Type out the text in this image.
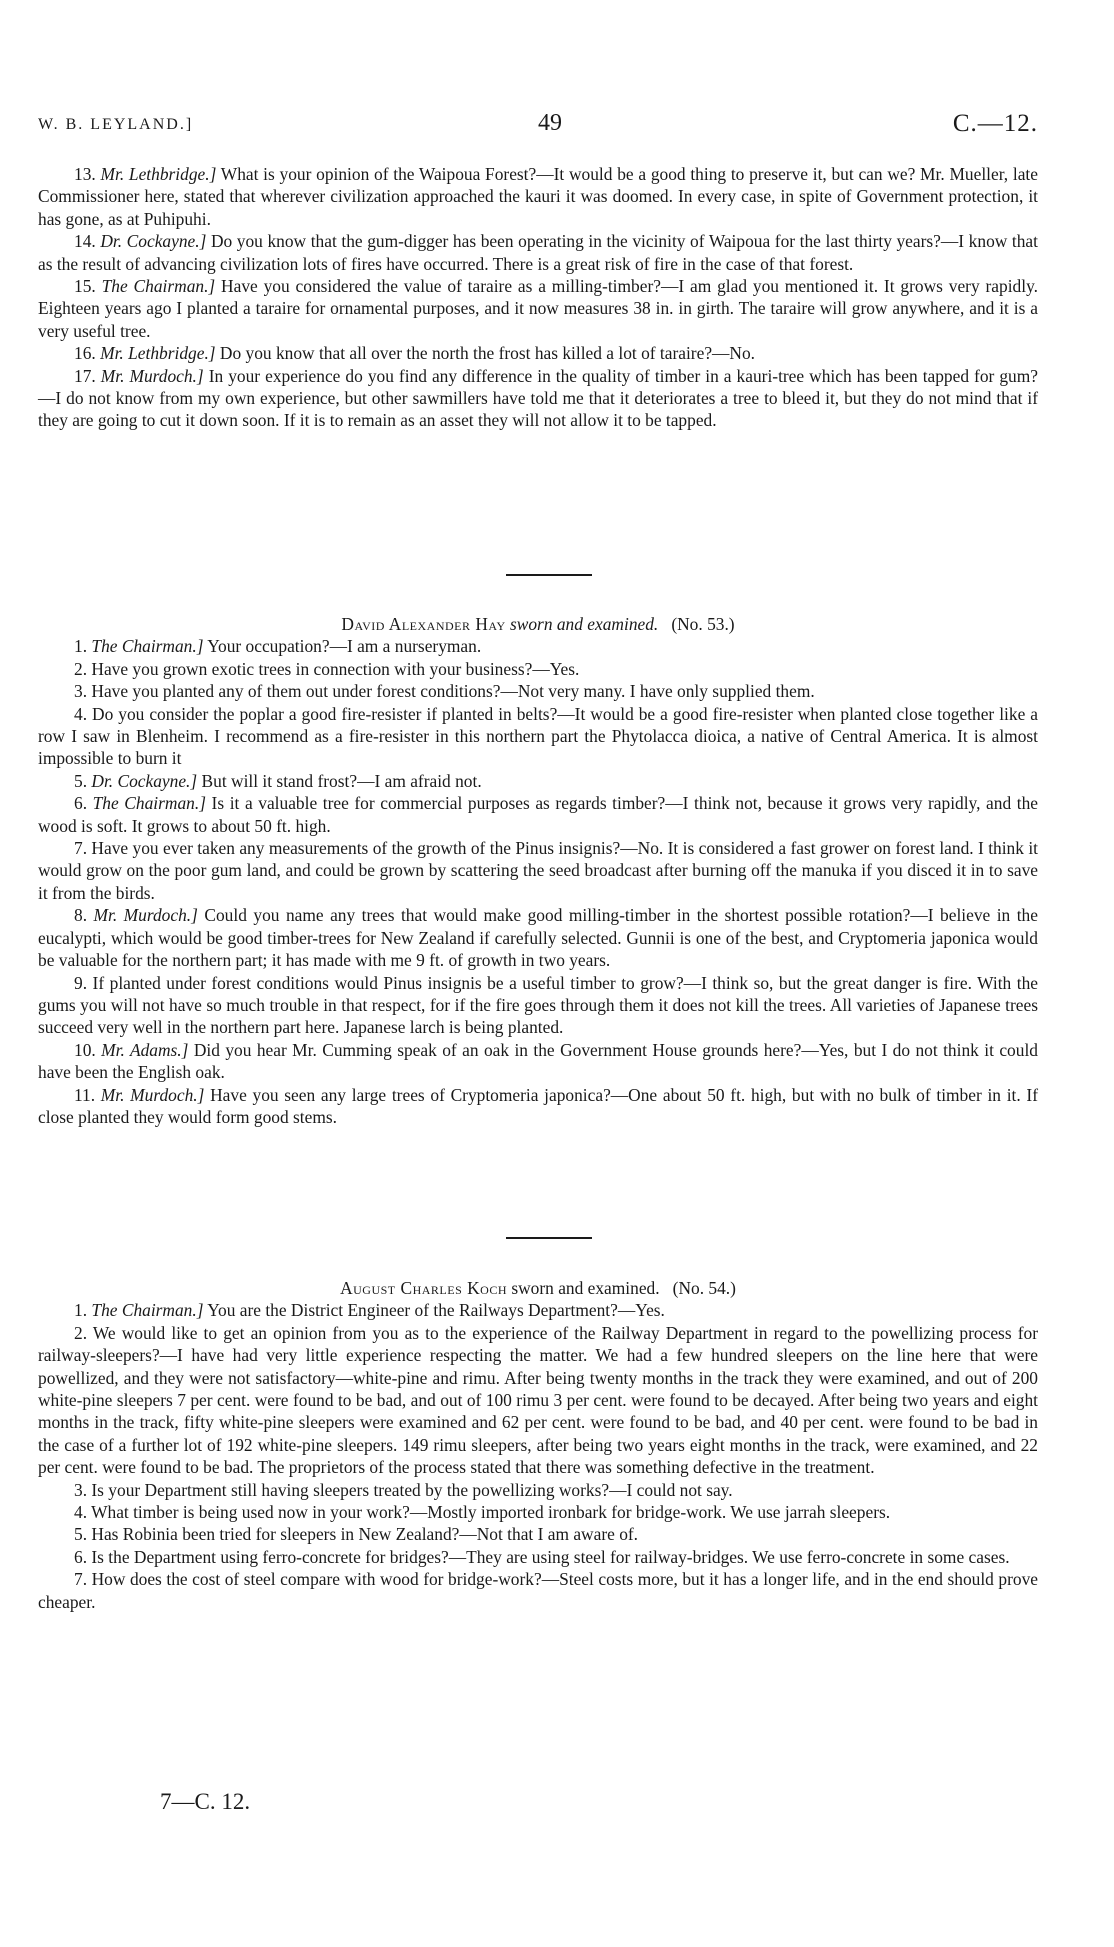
W. B. LEYLAND.]	49	C.—12.

13. Mr. Lethbridge.] What is your opinion of the Waipoua Forest?—It would be a good thing to preserve it, but can we? Mr. Mueller, late Commissioner here, stated that wherever civilization approached the kauri it was doomed. In every case, in spite of Government protection, it has gone, as at Puhipuhi.

14. Dr. Cockayne.] Do you know that the gum-digger has been operating in the vicinity of Waipoua for the last thirty years?—I know that as the result of advancing civilization lots of fires have occurred. There is a great risk of fire in the case of that forest.

15. The Chairman.] Have you considered the value of taraire as a milling-timber?—I am glad you mentioned it. It grows very rapidly. Eighteen years ago I planted a taraire for ornamental purposes, and it now measures 38 in. in girth. The taraire will grow anywhere, and it is a very useful tree.

16. Mr. Lethbridge.] Do you know that all over the north the frost has killed a lot of taraire?—No.

17. Mr. Murdoch.] In your experience do you find any difference in the quality of timber in a kauri-tree which has been tapped for gum?—I do not know from my own experience, but other sawmillers have told me that it deteriorates a tree to bleed it, but they do not mind that if they are going to cut it down soon. If it is to remain as an asset they will not allow it to be tapped.

David Alexander Hay sworn and examined. (No. 53.)

1. The Chairman.] Your occupation?—I am a nurseryman.

2. Have you grown exotic trees in connection with your business?—Yes.

3. Have you planted any of them out under forest conditions?—Not very many. I have only supplied them.

4. Do you consider the poplar a good fire-resister if planted in belts?—It would be a good fire-resister when planted close together like a row I saw in Blenheim. I recommend as a fire-resister in this northern part the Phytolacca dioica, a native of Central America. It is almost impossible to burn it

5. Dr. Cockayne.] But will it stand frost?—I am afraid not.

6. The Chairman.] Is it a valuable tree for commercial purposes as regards timber?—I think not, because it grows very rapidly, and the wood is soft. It grows to about 50 ft. high.

7. Have you ever taken any measurements of the growth of the Pinus insignis?—No. It is considered a fast grower on forest land. I think it would grow on the poor gum land, and could be grown by scattering the seed broadcast after burning off the manuka if you disced it in to save it from the birds.

8. Mr. Murdoch.] Could you name any trees that would make good milling-timber in the shortest possible rotation?—I believe in the eucalypti, which would be good timber-trees for New Zealand if carefully selected. Gunnii is one of the best, and Cryptomeria japonica would be valuable for the northern part; it has made with me 9 ft. of growth in two years.

9. If planted under forest conditions would Pinus insignis be a useful timber to grow?—I think so, but the great danger is fire. With the gums you will not have so much trouble in that respect, for if the fire goes through them it does not kill the trees. All varieties of Japanese trees succeed very well in the northern part here. Japanese larch is being planted.

10. Mr. Adams.] Did you hear Mr. Cumming speak of an oak in the Government House grounds here?—Yes, but I do not think it could have been the English oak.

11. Mr. Murdoch.] Have you seen any large trees of Cryptomeria japonica?—One about 50 ft. high, but with no bulk of timber in it. If close planted they would form good stems.

August Charles Koch sworn and examined. (No. 54.)

1. The Chairman.] You are the District Engineer of the Railways Department?—Yes.

2. We would like to get an opinion from you as to the experience of the Railway Department in regard to the powellizing process for railway-sleepers?—I have had very little experience respecting the matter. We had a few hundred sleepers on the line here that were powellized, and they were not satisfactory—white-pine and rimu. After being twenty months in the track they were examined, and out of 200 white-pine sleepers 7 per cent. were found to be bad, and out of 100 rimu 3 per cent. were found to be decayed. After being two years and eight months in the track, fifty white-pine sleepers were examined and 62 per cent. were found to be bad, and 40 per cent. were found to be bad in the case of a further lot of 192 white-pine sleepers. 149 rimu sleepers, after being two years eight months in the track, were examined, and 22 per cent. were found to be bad. The proprietors of the process stated that there was something defective in the treatment.

3. Is your Department still having sleepers treated by the powellizing works?—I could not say.

4. What timber is being used now in your work?—Mostly imported ironbark for bridge-work. We use jarrah sleepers.

5. Has Robinia been tried for sleepers in New Zealand?—Not that I am aware of.

6. Is the Department using ferro-concrete for bridges?—They are using steel for railway-bridges. We use ferro-concrete in some cases.

7. How does the cost of steel compare with wood for bridge-work?—Steel costs more, but it has a longer life, and in the end should prove cheaper.

7—C. 12.
